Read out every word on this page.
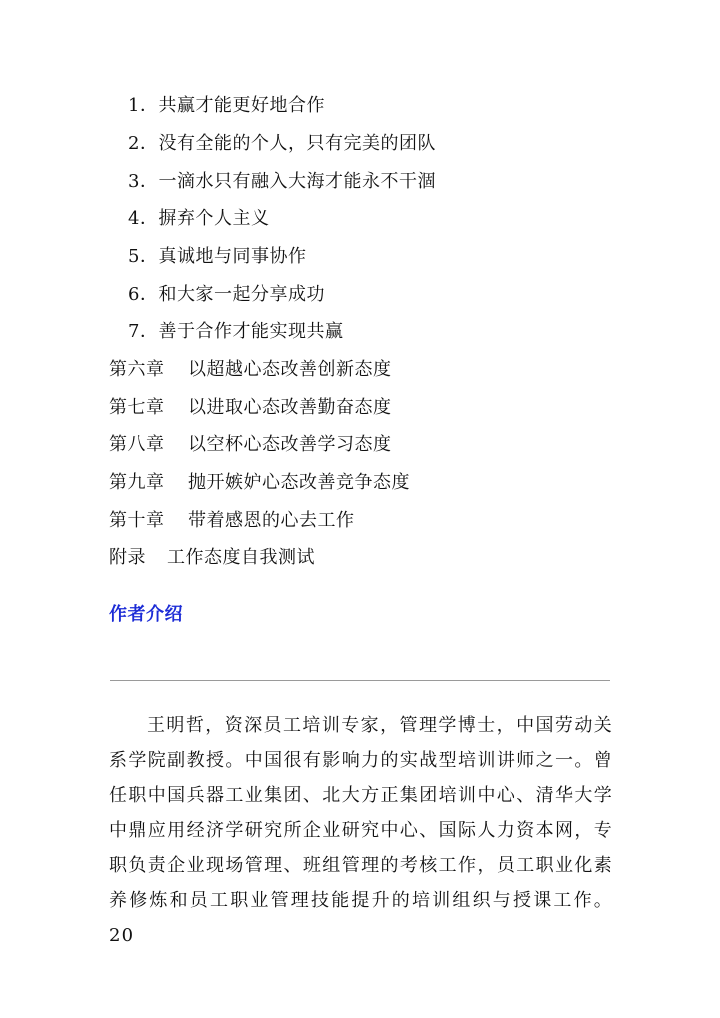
1．共赢才能更好地合作
2．没有全能的个人，只有完美的团队
3．一滴水只有融入大海才能永不干涸
4．摒弃个人主义
5．真诚地与同事协作
6．和大家一起分享成功
7．善于合作才能实现共赢
第六章 以超越心态改善创新态度
第七章 以进取心态改善勤奋态度
第八章 以空杯心态改善学习态度
第九章 抛开嫉妒心态改善竞争态度
第十章 带着感恩的心去工作
附录 工作态度自我测试
作者介绍
王明哲，资深员工培训专家，管理学博士，中国劳动关系学院副教授。中国很有影响力的实战型培训讲师之一。曾任职中国兵器工业集团、北大方正集团培训中心、清华大学中鼎应用经济学研究所企业研究中心、国际人力资本网，专职负责企业现场管理、班组管理的考核工作，员工职业化素养修炼和员工职业管理技能提升的培训组织与授课工作。20
